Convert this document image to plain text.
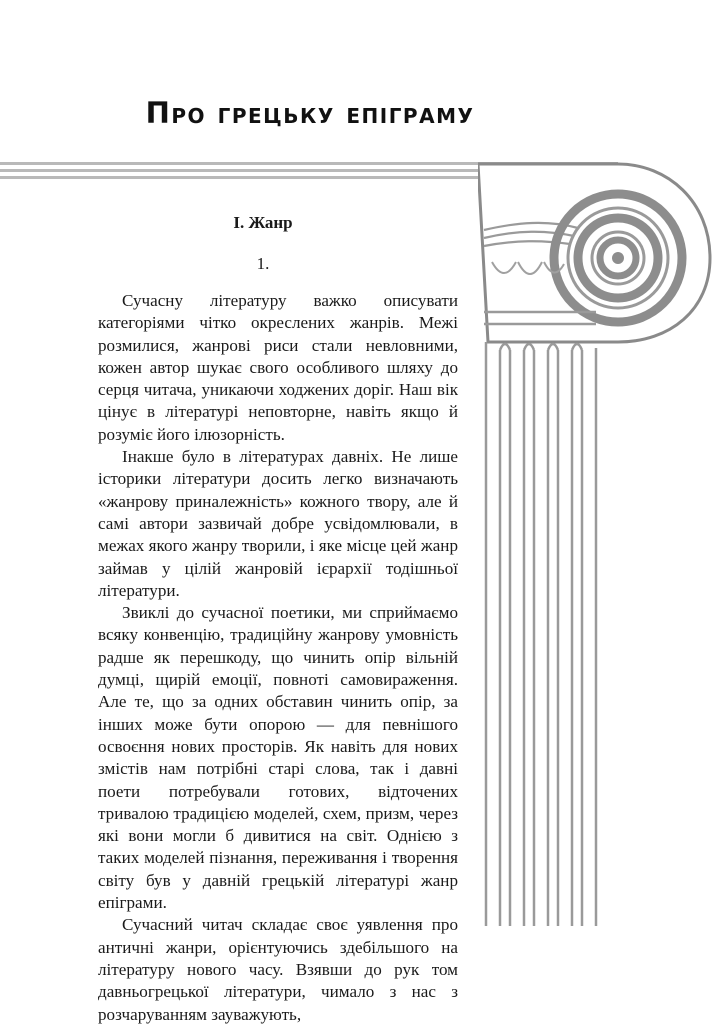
Про грецьку епіграму
І. Жанр
1.

Сучасну літературу важко описувати категоріями чітко окреслених жанрів. Межі розмилися, жанрові риси стали невловними, кожен автор шукає свого особливого шляху до серця читача, уникаючи ходжених доріг. Наш вік цінує в літературі неповторне, навіть якщо й розуміє його ілюзорність.

Інакше було в літературах давніх. Не лише історики літератури досить легко визначають «жанрову приналежність» кожного твору, але й самі автори зазвичай добре усвідомлювали, в межах якого жанру творили, і яке місце цей жанр займав у цілій жанровій ієрархії тодішньої літератури.

Звиклі до сучасної поетики, ми сприймаємо всяку конвенцію, традиційну жанрову умовність радше як перешкоду, що чинить опір вільній думці, щирій емоції, повноті самовираження. Але те, що за одних обставин чинить опір, за інших може бути опорою — для певнішого освоєння нових просторів. Як навіть для нових змістів нам потрібні старі слова, так і давні поети потребували готових, відточених тривалою традицією моделей, схем, призм, через які вони могли б дивитися на світ. Однією з таких моделей пізнання, переживання і творення світу був у давній грецькій літературі жанр епіграми.

Сучасний читач складає своє уявлення про античні жанри, орієнтуючись здебільшого на літературу нового часу. Взявши до рук том давньогрецької літератури, чимало з нас з розчаруванням зауважують,
